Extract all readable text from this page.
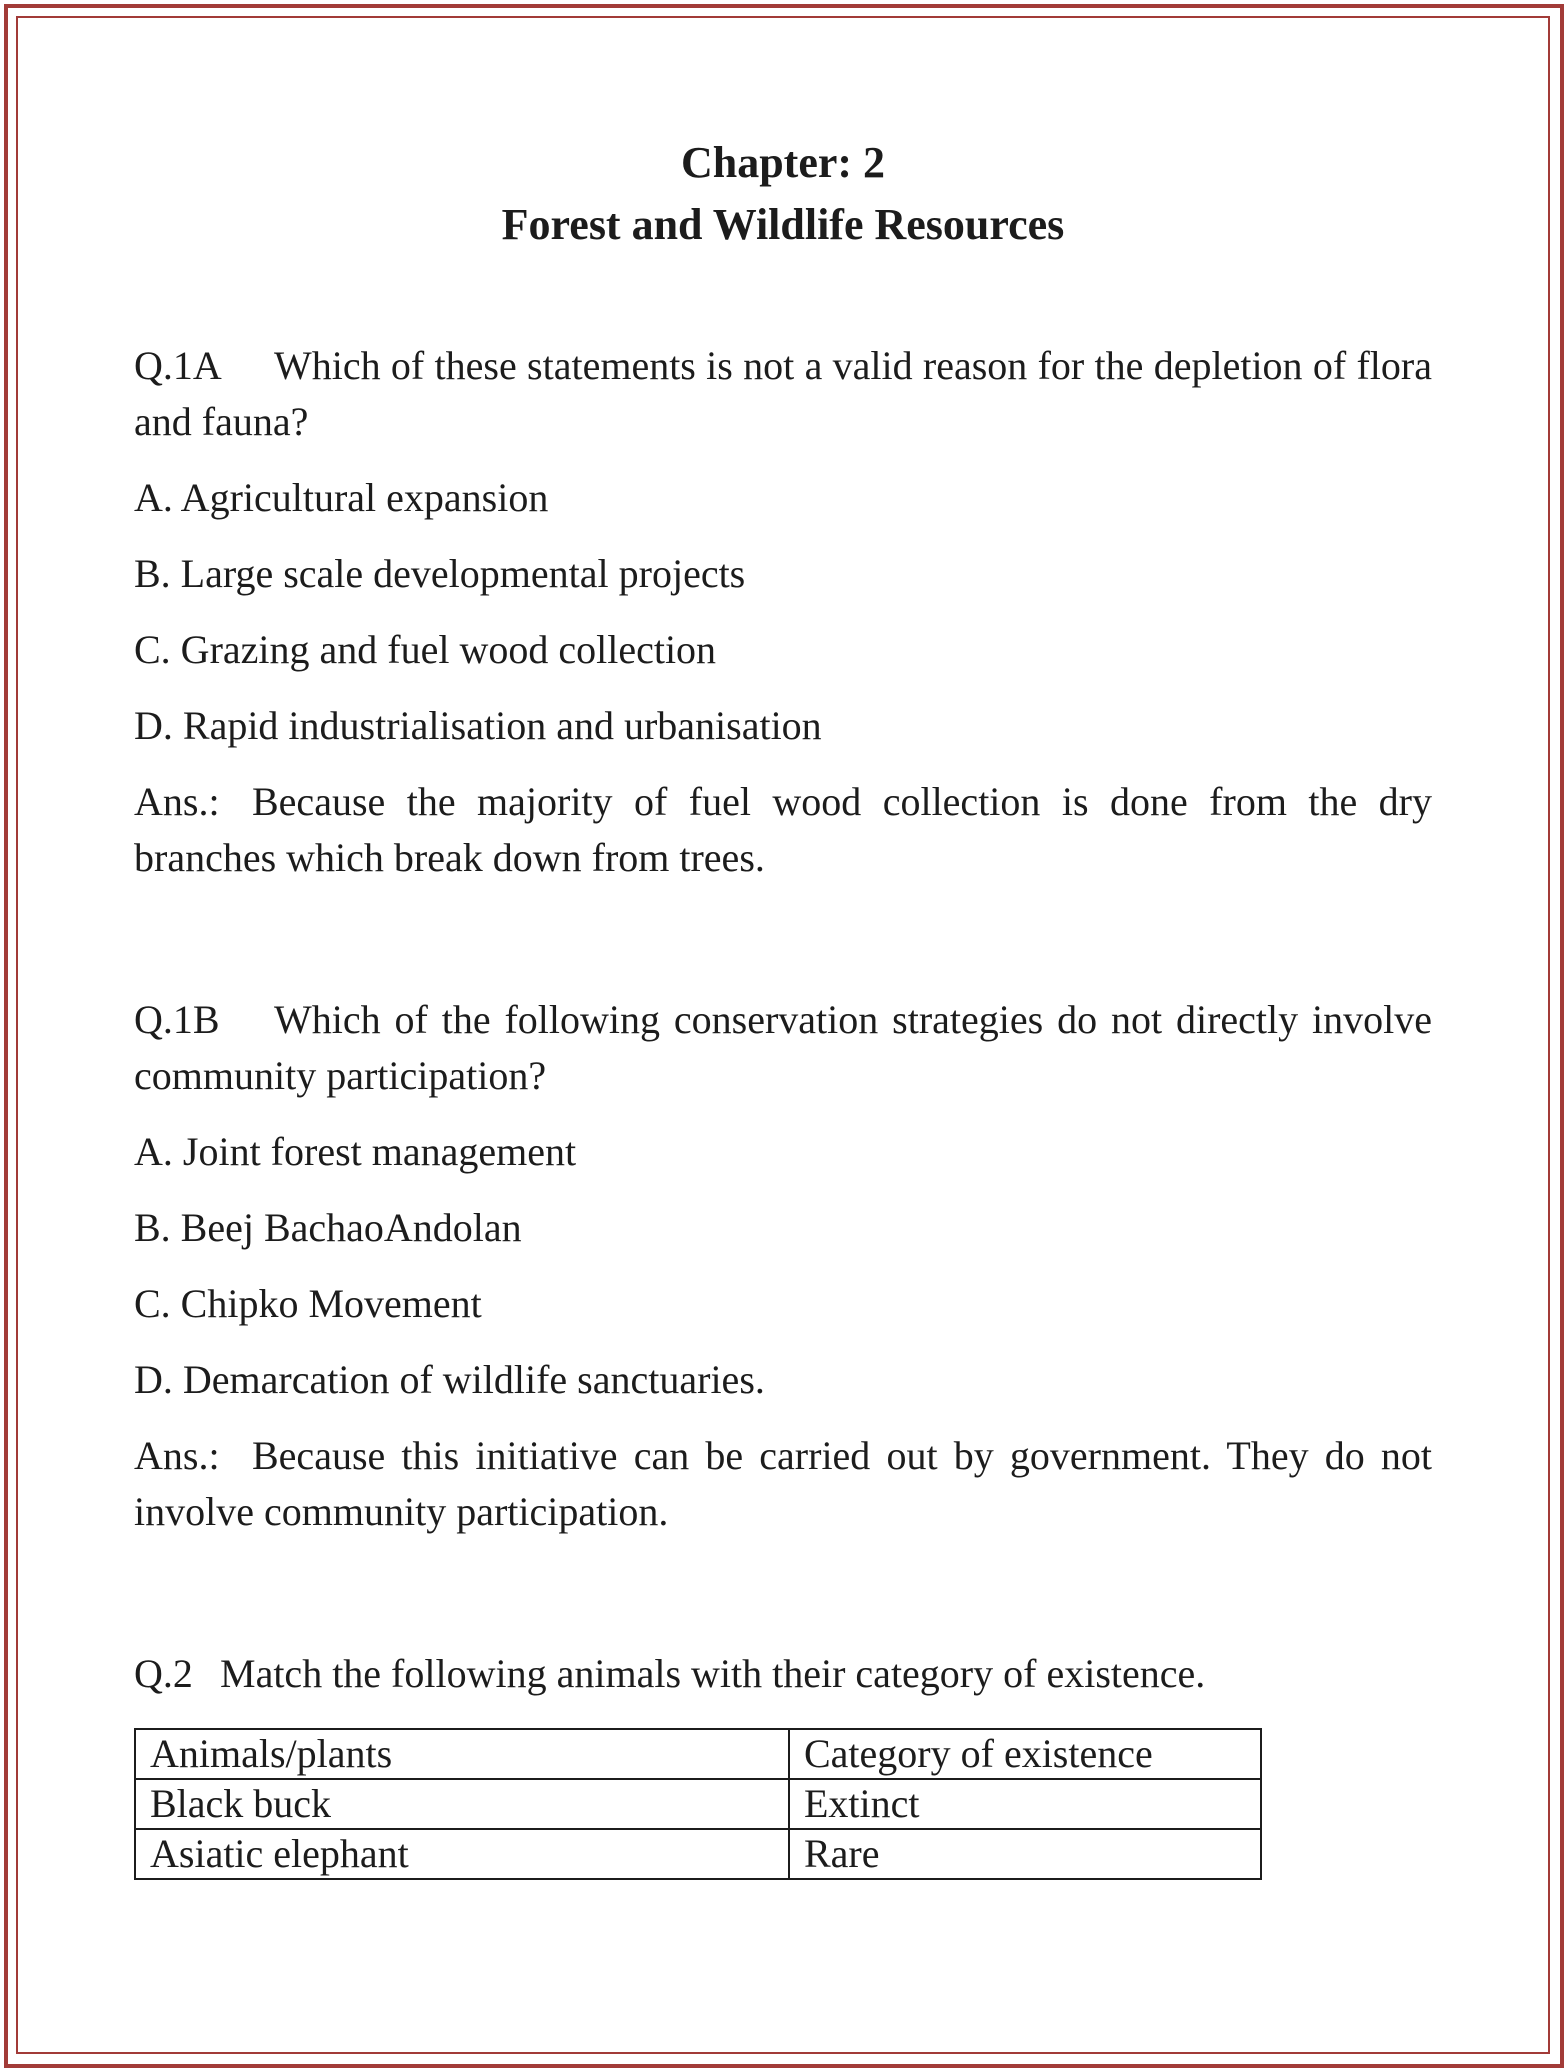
Chapter: 2
Forest and Wildlife Resources

Q.1A Which of these statements is not a valid reason for the depletion of flora and fauna?

A. Agricultural expansion

B. Large scale developmental projects

C. Grazing and fuel wood collection

D. Rapid industrialisation and urbanisation

Ans.: Because the majority of fuel wood collection is done from the dry branches which break down from trees.

Q.1B Which of the following conservation strategies do not directly involve community participation?

A. Joint forest management

B. Beej BachaoAndolan

C. Chipko Movement

D. Demarcation of wildlife sanctuaries.

Ans.: Because this initiative can be carried out by government. They do not involve community participation.

Q.2 Match the following animals with their category of existence.

Animals/plants	Category of existence
Black buck	Extinct
Asiatic elephant	Rare
